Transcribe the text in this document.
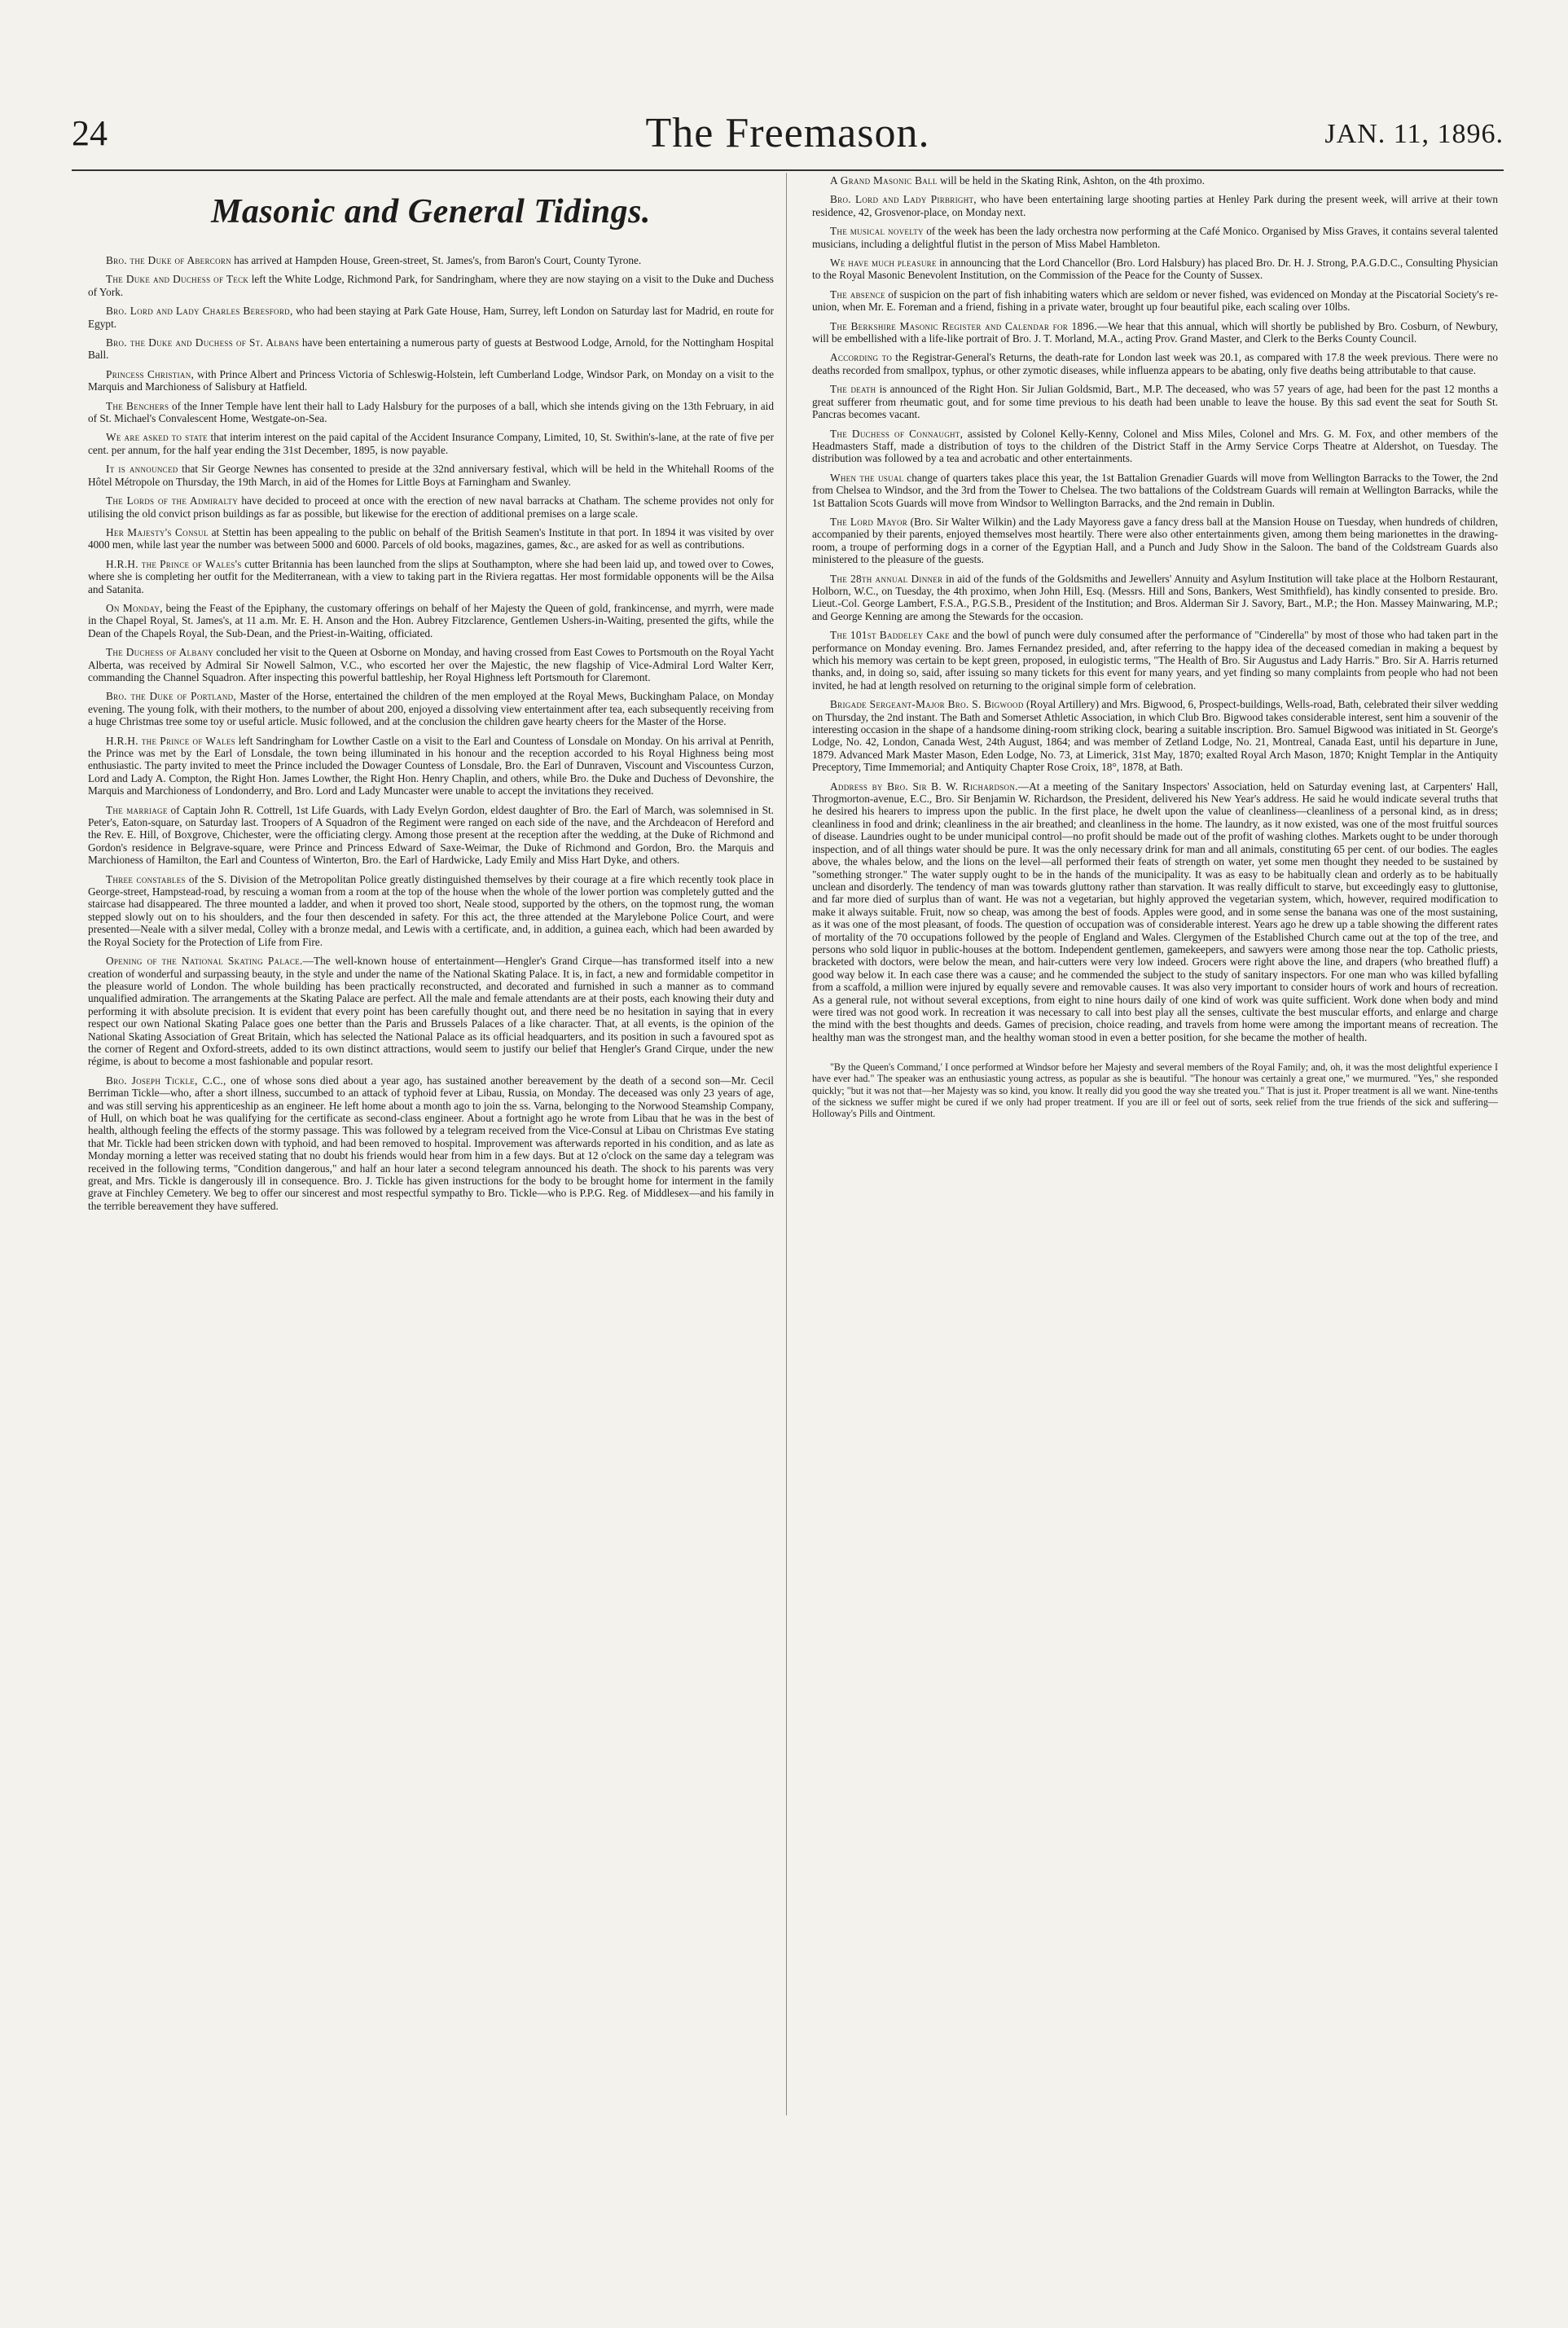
24	The Freemason.	JAN. 11, 1896.
Masonic and General Tidings.

Bro. the Duke of Abercorn has arrived at Hampden House, Green-street, St. James's, from Baron's Court, County Tyrone.

The Duke and Duchess of Teck left the White Lodge, Richmond Park, for Sandringham, where they are now staying on a visit to the Duke and Duchess of York.

Bro. Lord and Lady Charles Beresford, who had been staying at Park Gate House, Ham, Surrey, left London on Saturday last for Madrid, en route for Egypt.

Bro. the Duke and Duchess of St. Albans have been entertaining a numerous party of guests at Bestwood Lodge, Arnold, for the Nottingham Hospital Ball.

Princess Christian, with Prince Albert and Princess Victoria of Schleswig-Holstein, left Cumberland Lodge, Windsor Park, on Monday on a visit to the Marquis and Marchioness of Salisbury at Hatfield.

The Benchers of the Inner Temple have lent their hall to Lady Halsbury for the purposes of a ball, which she intends giving on the 13th February, in aid of St. Michael's Convalescent Home, Westgate-on-Sea.

We are asked to state that interim interest on the paid capital of the Accident Insurance Company, Limited, 10, St. Swithin's-lane, at the rate of five per cent. per annum, for the half year ending the 31st December, 1895, is now payable.

It is announced that Sir George Newnes has consented to preside at the 32nd anniversary festival, which will be held in the Whitehall Rooms of the Hôtel Métropole on Thursday, the 19th March, in aid of the Homes for Little Boys at Farningham and Swanley.

The Lords of the Admiralty have decided to proceed at once with the erection of new naval barracks at Chatham. The scheme provides not only for utilising the old convict prison buildings as far as possible, but likewise for the erection of additional premises on a large scale.

Her Majesty's Consul at Stettin has been appealing to the public on behalf of the British Seamen's Institute in that port. In 1894 it was visited by over 4000 men, while last year the number was between 5000 and 6000. Parcels of old books, magazines, games, &c., are asked for as well as contributions.

H.R.H. the Prince of Wales's cutter Britannia has been launched from the slips at Southampton, where she had been laid up, and towed over to Cowes, where she is completing her outfit for the Mediterranean, with a view to taking part in the Riviera regattas. Her most formidable opponents will be the Ailsa and Satanita.

On Monday, being the Feast of the Epiphany, the customary offerings on behalf of her Majesty the Queen of gold, frankincense, and myrrh, were made in the Chapel Royal, St. James's, at 11 a.m. Mr. E. H. Anson and the Hon. Aubrey Fitzclarence, Gentlemen Ushers-in-Waiting, presented the gifts, while the Dean of the Chapels Royal, the Sub-Dean, and the Priest-in-Waiting, officiated.

The Duchess of Albany concluded her visit to the Queen at Osborne on Monday, and having crossed from East Cowes to Portsmouth on the Royal Yacht Alberta, was received by Admiral Sir Nowell Salmon, V.C., who escorted her over the Majestic, the new flagship of Vice-Admiral Lord Walter Kerr, commanding the Channel Squadron. After inspecting this powerful battleship, her Royal Highness left Portsmouth for Claremont.

Bro. the Duke of Portland, Master of the Horse, entertained the children of the men employed at the Royal Mews, Buckingham Palace, on Monday evening. The young folk, with their mothers, to the number of about 200, enjoyed a dissolving view entertainment after tea, each subsequently receiving from a huge Christmas tree some toy or useful article. Music followed, and at the conclusion the children gave hearty cheers for the Master of the Horse.

H.R.H. the Prince of Wales left Sandringham for Lowther Castle on a visit to the Earl and Countess of Lonsdale on Monday. On his arrival at Penrith, the Prince was met by the Earl of Lonsdale, the town being illuminated in his honour and the reception accorded to his Royal Highness being most enthusiastic. The party invited to meet the Prince included the Dowager Countess of Lonsdale, Bro. the Earl of Dunraven, Viscount and Viscountess Curzon, Lord and Lady A. Compton, the Right Hon. James Lowther, the Right Hon. Henry Chaplin, and others, while Bro. the Duke and Duchess of Devonshire, the Marquis and Marchioness of Londonderry, and Bro. Lord and Lady Muncaster were unable to accept the invitations they received.

The marriage of Captain John R. Cottrell, 1st Life Guards, with Lady Evelyn Gordon, eldest daughter of Bro. the Earl of March, was solemnised in St. Peter's, Eaton-square, on Saturday last. Troopers of A Squadron of the Regiment were ranged on each side of the nave, and the Archdeacon of Hereford and the Rev. E. Hill, of Boxgrove, Chichester, were the officiating clergy. Among those present at the reception after the wedding, at the Duke of Richmond and Gordon's residence in Belgrave-square, were Prince and Princess Edward of Saxe-Weimar, the Duke of Richmond and Gordon, Bro. the Marquis and Marchioness of Hamilton, the Earl and Countess of Winterton, Bro. the Earl of Hardwicke, Lady Emily and Miss Hart Dyke, and others.

Three constables of the S. Division of the Metropolitan Police greatly distinguished themselves by their courage at a fire which recently took place in George-street, Hampstead-road, by rescuing a woman from a room at the top of the house when the whole of the lower portion was completely gutted and the staircase had disappeared. The three mounted a ladder, and when it proved too short, Neale stood, supported by the others, on the topmost rung, the woman stepped slowly out on to his shoulders, and the four then descended in safety. For this act, the three attended at the Marylebone Police Court, and were presented—Neale with a silver medal, Colley with a bronze medal, and Lewis with a certificate, and, in addition, a guinea each, which had been awarded by the Royal Society for the Protection of Life from Fire.

Opening of the National Skating Palace.—The well-known house of entertainment—Hengler's Grand Cirque—has transformed itself into a new creation of wonderful and surpassing beauty, in the style and under the name of the National Skating Palace. It is, in fact, a new and formidable competitor in the pleasure world of London. The whole building has been practically reconstructed, and decorated and furnished in such a manner as to command unqualified admiration. The arrangements at the Skating Palace are perfect. All the male and female attendants are at their posts, each knowing their duty and performing it with absolute precision. It is evident that every point has been carefully thought out, and there need be no hesitation in saying that in every respect our own National Skating Palace goes one better than the Paris and Brussels Palaces of a like character. That, at all events, is the opinion of the National Skating Association of Great Britain, which has selected the National Palace as its official headquarters, and its position in such a favoured spot as the corner of Regent and Oxford-streets, added to its own distinct attractions, would seem to justify our belief that Hengler's Grand Cirque, under the new régime, is about to become a most fashionable and popular resort.

Bro. Joseph Tickle, C.C., one of whose sons died about a year ago, has sustained another bereavement by the death of a second son—Mr. Cecil Berriman Tickle—who, after a short illness, succumbed to an attack of typhoid fever at Libau, Russia, on Monday. The deceased was only 23 years of age, and was still serving his apprenticeship as an engineer. He left home about a month ago to join the ss. Varna, belonging to the Norwood Steamship Company, of Hull, on which boat he was qualifying for the certificate as second-class engineer. About a fortnight ago he wrote from Libau that he was in the best of health, although feeling the effects of the stormy passage. This was followed by a telegram received from the Vice-Consul at Libau on Christmas Eve stating that Mr. Tickle had been stricken down with typhoid, and had been removed to hospital. Improvement was afterwards reported in his condition, and as late as Monday morning a letter was received stating that no doubt his friends would hear from him in a few days. But at 12 o'clock on the same day a telegram was received in the following terms, "Condition dangerous," and half an hour later a second telegram announced his death. The shock to his parents was very great, and Mrs. Tickle is dangerously ill in consequence. Bro. J. Tickle has given instructions for the body to be brought home for interment in the family grave at Finchley Cemetery. We beg to offer our sincerest and most respectful sympathy to Bro. Tickle—who is P.P.G. Reg. of Middlesex—and his family in the terrible bereavement they have suffered.

A Grand Masonic Ball will be held in the Skating Rink, Ashton, on the 4th proximo.

Bro. Lord and Lady Pirbright, who have been entertaining large shooting parties at Henley Park during the present week, will arrive at their town residence, 42, Grosvenor-place, on Monday next.

The musical novelty of the week has been the lady orchestra now performing at the Café Monico. Organised by Miss Graves, it contains several talented musicians, including a delightful flutist in the person of Miss Mabel Hambleton.

We have much pleasure in announcing that the Lord Chancellor (Bro. Lord Halsbury) has placed Bro. Dr. H. J. Strong, P.A.G.D.C., Consulting Physician to the Royal Masonic Benevolent Institution, on the Commission of the Peace for the County of Sussex.

The absence of suspicion on the part of fish inhabiting waters which are seldom or never fished, was evidenced on Monday at the Piscatorial Society's re-union, when Mr. E. Foreman and a friend, fishing in a private water, brought up four beautiful pike, each scaling over 10lbs.

The Berkshire Masonic Register and Calendar for 1896.—We hear that this annual, which will shortly be published by Bro. Cosburn, of Newbury, will be embellished with a life-like portrait of Bro. J. T. Morland, M.A., acting Prov. Grand Master, and Clerk to the Berks County Council.

According to the Registrar-General's Returns, the death-rate for London last week was 20.1, as compared with 17.8 the week previous. There were no deaths recorded from smallpox, typhus, or other zymotic diseases, while influenza appears to be abating, only five deaths being attributable to that cause.

The death is announced of the Right Hon. Sir Julian Goldsmid, Bart., M.P. The deceased, who was 57 years of age, had been for the past 12 months a great sufferer from rheumatic gout, and for some time previous to his death had been unable to leave the house. By this sad event the seat for South St. Pancras becomes vacant.

The Duchess of Connaught, assisted by Colonel Kelly-Kenny, Colonel and Miss Miles, Colonel and Mrs. G. M. Fox, and other members of the Headmasters Staff, made a distribution of toys to the children of the District Staff in the Army Service Corps Theatre at Aldershot, on Tuesday. The distribution was followed by a tea and acrobatic and other entertainments.

When the usual change of quarters takes place this year, the 1st Battalion Grenadier Guards will move from Wellington Barracks to the Tower, the 2nd from Chelsea to Windsor, and the 3rd from the Tower to Chelsea. The two battalions of the Coldstream Guards will remain at Wellington Barracks, while the 1st Battalion Scots Guards will move from Windsor to Wellington Barracks, and the 2nd remain in Dublin.

The Lord Mayor (Bro. Sir Walter Wilkin) and the Lady Mayoress gave a fancy dress ball at the Mansion House on Tuesday, when hundreds of children, accompanied by their parents, enjoyed themselves most heartily. There were also other entertainments given, among them being marionettes in the drawing-room, a troupe of performing dogs in a corner of the Egyptian Hall, and a Punch and Judy Show in the Saloon. The band of the Coldstream Guards also ministered to the pleasure of the guests.

The 28th annual Dinner in aid of the funds of the Goldsmiths and Jewellers' Annuity and Asylum Institution will take place at the Holborn Restaurant, Holborn, W.C., on Tuesday, the 4th proximo, when John Hill, Esq. (Messrs. Hill and Sons, Bankers, West Smithfield), has kindly consented to preside. Bro. Lieut.-Col. George Lambert, F.S.A., P.G.S.B., President of the Institution; and Bros. Alderman Sir J. Savory, Bart., M.P.; the Hon. Massey Mainwaring, M.P.; and George Kenning are among the Stewards for the occasion.

The 101st Baddeley Cake and the bowl of punch were duly consumed after the performance of "Cinderella" by most of those who had taken part in the performance on Monday evening. Bro. James Fernandez presided, and, after referring to the happy idea of the deceased comedian in making a bequest by which his memory was certain to be kept green, proposed, in eulogistic terms, "The Health of Bro. Sir Augustus and Lady Harris." Bro. Sir A. Harris returned thanks, and, in doing so, said, after issuing so many tickets for this event for many years, and yet finding so many complaints from people who had not been invited, he had at length resolved on returning to the original simple form of celebration.

Brigade Sergeant-Major Bro. S. Bigwood (Royal Artillery) and Mrs. Bigwood, 6, Prospect-buildings, Wells-road, Bath, celebrated their silver wedding on Thursday, the 2nd instant. The Bath and Somerset Athletic Association, in which Club Bro. Bigwood takes considerable interest, sent him a souvenir of the interesting occasion in the shape of a handsome dining-room striking clock, bearing a suitable inscription. Bro. Samuel Bigwood was initiated in St. George's Lodge, No. 42, London, Canada West, 24th August, 1864; and was member of Zetland Lodge, No. 21, Montreal, Canada East, until his departure in June, 1879. Advanced Mark Master Mason, Eden Lodge, No. 73, at Limerick, 31st May, 1870; exalted Royal Arch Mason, 1870; Knight Templar in the Antiquity Preceptory, Time Immemorial; and Antiquity Chapter Rose Croix, 18°, 1878, at Bath.

Address by Bro. Sir B. W. Richardson.—At a meeting of the Sanitary Inspectors' Association, held on Saturday evening last, at Carpenters' Hall, Throgmorton-avenue, E.C., Bro. Sir Benjamin W. Richardson, the President, delivered his New Year's address. He said he would indicate several truths that he desired his hearers to impress upon the public. In the first place, he dwelt upon the value of cleanliness—cleanliness of a personal kind, as in dress; cleanliness in food and drink; cleanliness in the air breathed; and cleanliness in the home. The laundry, as it now existed, was one of the most fruitful sources of disease. Laundries ought to be under municipal control—no profit should be made out of the profit of washing clothes. Markets ought to be under thorough inspection, and of all things water should be pure. It was the only necessary drink for man and all animals, constituting 65 per cent. of our bodies. The eagles above, the whales below, and the lions on the level—all performed their feats of strength on water, yet some men thought they needed to be sustained by "something stronger." The water supply ought to be in the hands of the municipality. It was as easy to be habitually clean and orderly as to be habitually unclean and disorderly. The tendency of man was towards gluttony rather than starvation. It was really difficult to starve, but exceedingly easy to gluttonise, and far more died of surplus than of want. He was not a vegetarian, but highly approved the vegetarian system, which, however, required modification to make it always suitable. Fruit, now so cheap, was among the best of foods. Apples were good, and in some sense the banana was one of the most sustaining, as it was one of the most pleasant, of foods. The question of occupation was of considerable interest. Years ago he drew up a table showing the different rates of mortality of the 70 occupations followed by the people of England and Wales. Clergymen of the Established Church came out at the top of the tree, and persons who sold liquor in public-houses at the bottom. Independent gentlemen, gamekeepers, and sawyers were among those near the top. Catholic priests, bracketed with doctors, were below the mean, and hair-cutters were very low indeed. Grocers were right above the line, and drapers (who breathed fluff) a good way below it. In each case there was a cause; and he commended the subject to the study of sanitary inspectors. For one man who was killed byfalling from a scaffold, a million were injured by equally severe and removable causes. It was also very important to consider hours of work and hours of recreation. As a general rule, not without several exceptions, from eight to nine hours daily of one kind of work was quite sufficient. Work done when body and mind were tired was not good work. In recreation it was necessary to call into best play all the senses, cultivate the best muscular efforts, and enlarge and charge the mind with the best thoughts and deeds. Games of precision, choice reading, and travels from home were among the important means of recreation. The healthy man was the strongest man, and the healthy woman stood in even a better position, for she became the mother of health.

"By the Queen's Command,' I once performed at Windsor before her Majesty and several members of the Royal Family; and, oh, it was the most delightful experience I have ever had." The speaker was an enthusiastic young actress, as popular as she is beautiful. "The honour was certainly a great one," we murmured. "Yes," she responded quickly; "but it was not that—her Majesty was so kind, you know. It really did you good the way she treated you." That is just it. Proper treatment is all we want. Nine-tenths of the sickness we suffer might be cured if we only had proper treatment. If you are ill or feel out of sorts, seek relief from the true friends of the sick and suffering—Holloway's Pills and Ointment.
